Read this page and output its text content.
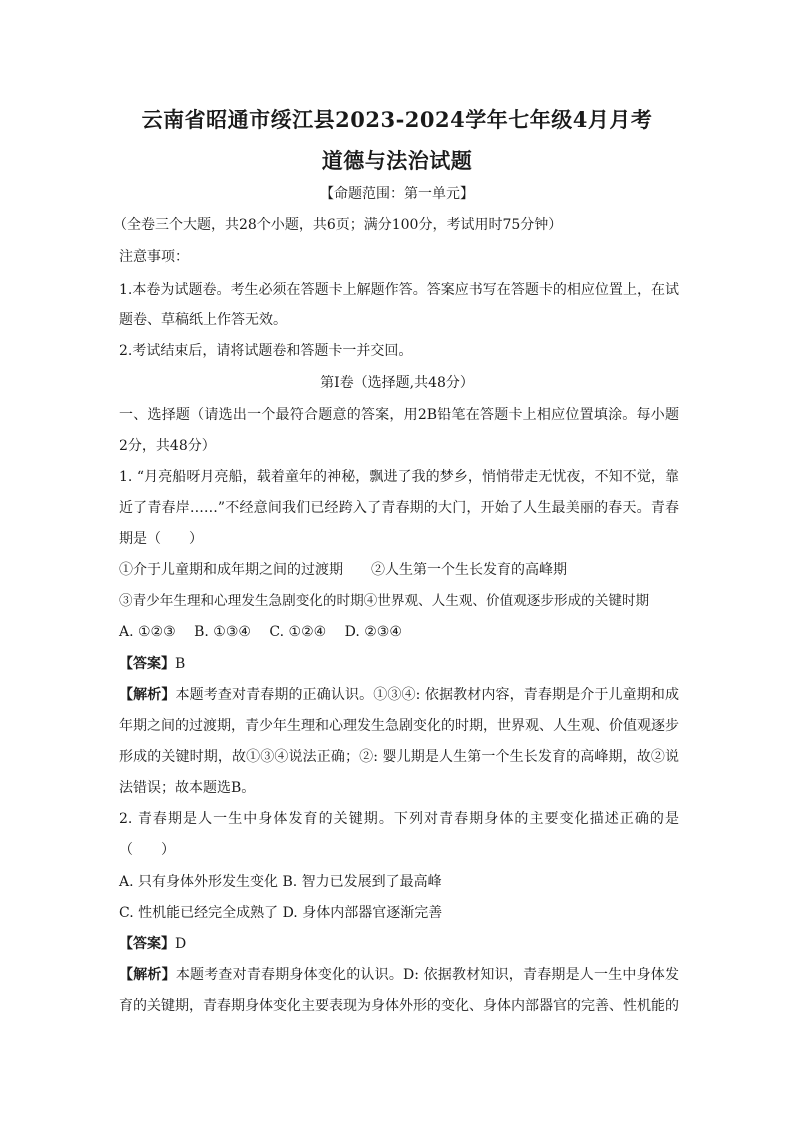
云南省昭通市绥江县2023-2024学年七年级4月月考
道德与法治试题
【命题范围：第一单元】
（全卷三个大题，共28个小题，共6页；满分100分，考试用时75分钟）
注意事项：
1.本卷为试题卷。考生必须在答题卡上解题作答。答案应书写在答题卡的相应位置上，在试
题卷、草稿纸上作答无效。
2.考试结束后，请将试题卷和答题卡一并交回。
第Ⅰ卷（选择题,共48分）
一、选择题（请选出一个最符合题意的答案，用2B铅笔在答题卡上相应位置填涂。每小题
2分，共48分）
1. “月亮船呀月亮船，载着童年的神秘，飘进了我的梦乡，悄悄带走无忧夜，不知不觉，靠
近了青春岸……”不经意间我们已经跨入了青春期的大门，开始了人生最美丽的春天。青春
期是（　　）
①介于儿童期和成年期之间的过渡期　　②人生第一个生长发育的高峰期
③青少年生理和心理发生急剧变化的时期④世界观、人生观、价值观逐步形成的关键时期
A. ①②③　 B. ①③④　 C. ①②④　 D. ②③④
【答案】B
【解析】本题考查对青春期的正确认识。①③④: 依据教材内容，青春期是介于儿童期和成
年期之间的过渡期，青少年生理和心理发生急剧变化的时期，世界观、人生观、价值观逐步
形成的关键时期，故①③④说法正确；②: 婴儿期是人生第一个生长发育的高峰期，故②说
法错误；故本题选B。
2. 青春期是人一生中身体发育的关键期。下列对青春期身体的主要变化描述正确的是
（　　）
A. 只有身体外形发生变化 B. 智力已发展到了最高峰
C. 性机能已经完全成熟了 D. 身体内部器官逐渐完善
【答案】D
【解析】本题考查对青春期身体变化的认识。D: 依据教材知识，青春期是人一生中身体发
育的关键期，青春期身体变化主要表现为身体外形的变化、身体内部器官的完善、性机能的
